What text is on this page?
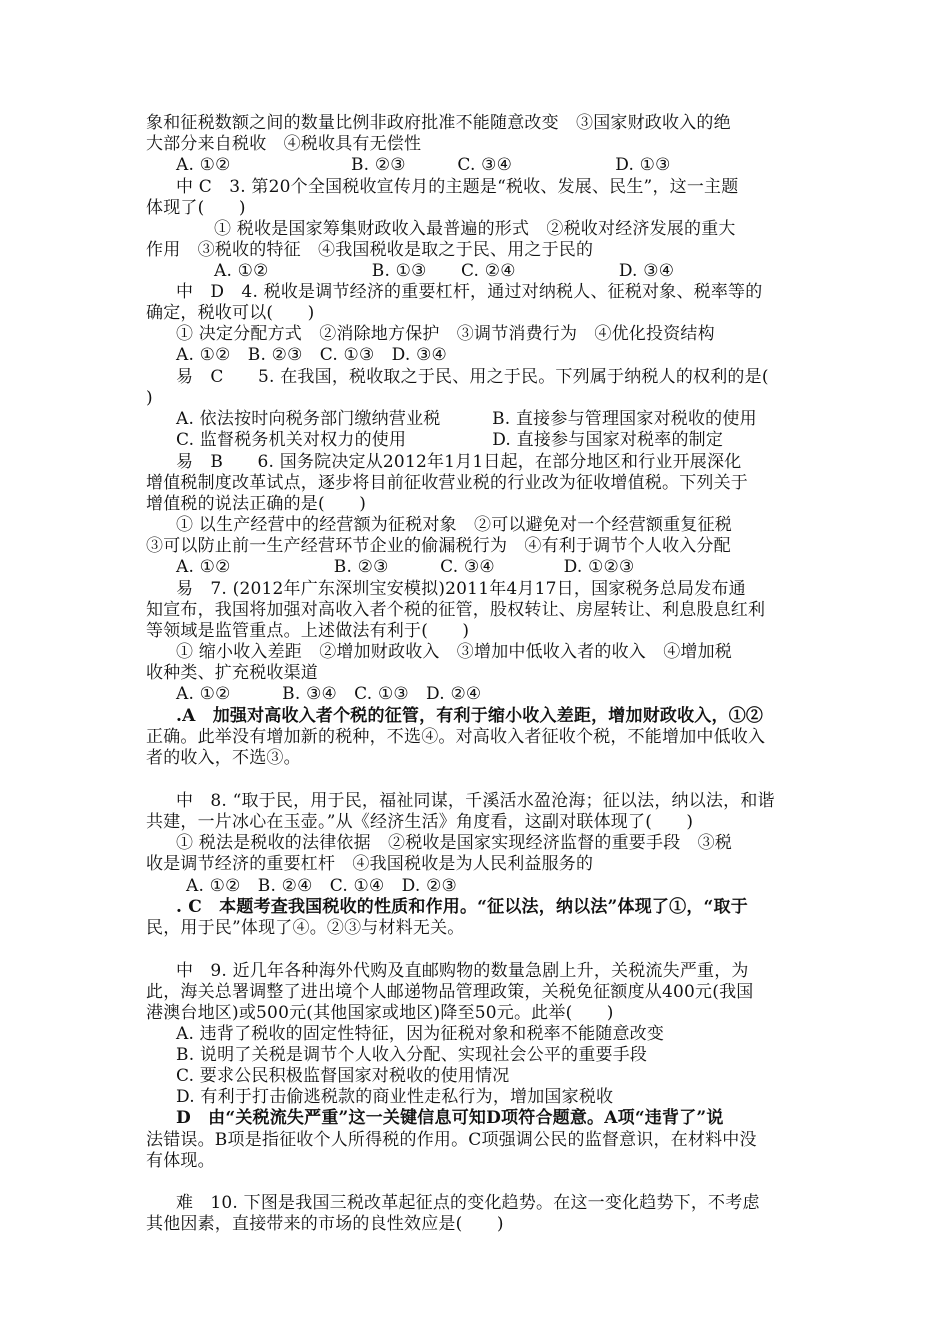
象和征税数额之间的数量比例非政府批准不能随意改变　③国家财政收入的绝
大部分来自税收　④税收具有无偿性
A. ①②　　　　　　　B. ②③　　　C. ③④　　　　　　D. ①③
中 C　3. 第20个全国税收宣传月的主题是“税收、发展、民生”，这一主题
体现了(　　)
① 税收是国家筹集财政收入最普遍的形式　②税收对经济发展的重大
作用　③税收的特征　④我国税收是取之于民、用之于民的
A. ①②　　　　　　B. ①③　　C. ②④　　　　　　D. ③④
中　D　4. 税收是调节经济的重要杠杆，通过对纳税人、征税对象、税率等的
确定，税收可以(　　)
① 决定分配方式　②消除地方保护　③调节消费行为　④优化投资结构
A. ①②　B. ②③　C. ①③　D. ③④
易　C　　5. 在我国，税收取之于民、用之于民。下列属于纳税人的权利的是(
)
A. 依法按时向税务部门缴纳营业税　　　B. 直接参与管理国家对税收的使用
C. 监督税务机关对权力的使用　　　　　D. 直接参与国家对税率的制定
易　B　　6. 国务院决定从2012年1月1日起，在部分地区和行业开展深化
增值税制度改革试点，逐步将目前征收营业税的行业改为征收增值税。下列关于
增值税的说法正确的是(　　)
① 以生产经营中的经营额为征税对象　②可以避免对一个经营额重复征税
③可以防止前一生产经营环节企业的偷漏税行为　④有利于调节个人收入分配
A. ①②　　　　　　B. ②③　　　C. ③④　　　　D. ①②③
易　7. (2012年广东深圳宝安模拟)2011年4月17日，国家税务总局发布通
知宣布，我国将加强对高收入者个税的征管，股权转让、房屋转让、利息股息红利
等领域是监管重点。上述做法有利于(　　)
① 缩小收入差距　②增加财政收入　③增加中低收入者的收入　④增加税
收种类、扩充税收渠道
A. ①②　　　B. ③④　C. ①③　D. ②④
.A　加强对高收入者个税的征管，有利于缩小收入差距，增加财政收入，①②
正确。此举没有增加新的税种，不选④。对高收入者征收个税，不能增加中低收入
者的收入，不选③。
中　8. “取于民，用于民，福祉同谋，千溪活水盈沧海；征以法，纳以法，和谐
共建，一片冰心在玉壶。”从《经济生活》角度看，这副对联体现了(　　)
① 税法是税收的法律依据　②税收是国家实现经济监督的重要手段　③税
收是调节经济的重要杠杆　④我国税收是为人民利益服务的
A. ①②　B. ②④　C. ①④　D. ②③
. C　本题考查我国税收的性质和作用。“征以法，纳以法”体现了①，“取于
民，用于民”体现了④。②③与材料无关。
中　9. 近几年各种海外代购及直邮购物的数量急剧上升，关税流失严重，为
此，海关总署调整了进出境个人邮递物品管理政策，关税免征额度从400元(我国
港澳台地区)或500元(其他国家或地区)降至50元。此举(　　)
A. 违背了税收的固定性特征，因为征税对象和税率不能随意改变
B. 说明了关税是调节个人收入分配、实现社会公平的重要手段
C. 要求公民积极监督国家对税收的使用情况
D. 有利于打击偷逃税款的商业性走私行为，增加国家税收
D　由“关税流失严重”这一关键信息可知D项符合题意。A项“违背了”说
法错误。B项是指征收个人所得税的作用。C项强调公民的监督意识，在材料中没
有体现。
难　10. 下图是我国三税改革起征点的变化趋势。在这一变化趋势下，不考虑
其他因素，直接带来的市场的良性效应是(　　)
